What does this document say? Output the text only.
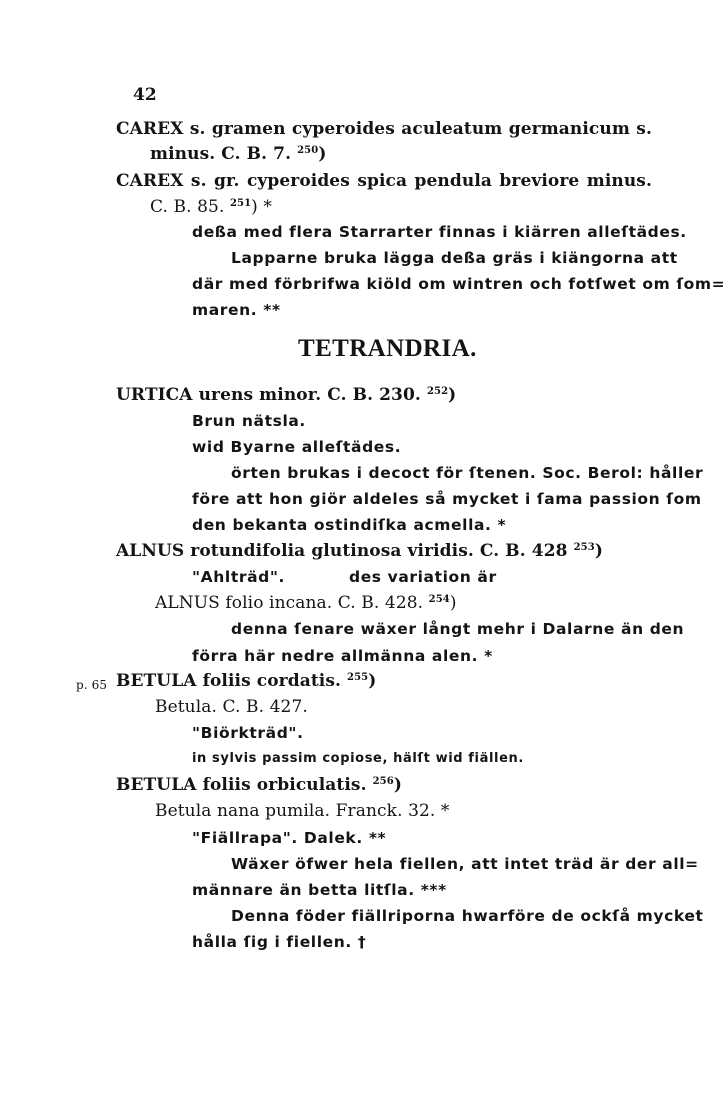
42
CAREX s. gramen cyperoides aculeatum germanicum s.
minus. C. B. 7. $^{250}$)
CAREX s. gr. cyperoides spica pendula breviore minus.
C. B. 85. $^{251}$) *
deßa med flera Starrarter finnas i kiärren alleſtädes.
Lapparne bruka lägga deßa gräs i kiängorna att
där med förbrifwa kiöld om wintren och fotſwet om ſom=
maren. **
TETRANDRIA.
URTICA urens minor. C. B. 230. $^{252}$)
Brun nätsla.
wid Byarne alleſtädes.
örten brukas i decoct för ſtenen. Soc. Berol: håller
före att hon giör aldeles så mycket i ſama passion ſom
den bekanta ostindiſka acmella. *
ALNUS rotundifolia glutinosa viridis. C. B. 428 $^{253}$)
"Ahlträd".	des variation är
ALNUS folio incana. C. B. 428. $^{254}$)
denna ſenare wäxer långt mehr i Dalarne än den
förra här nedre allmänna alen. *
p. 65 BETULA foliis cordatis. $^{255}$)
Betula. C. B. 427.
"Biörkträd".
in sylvis passim copiose, hälſt wid fiällen.
BETULA foliis orbiculatis. $^{256}$)
Betula nana pumila. Franck. 32. *
"Fiällrapa". Dalek. **
Wäxer öfwer hela fiellen, att intet träd är der all=
männare än betta litſla. ***
Denna föder fiällriporna hwarföre de ockſå mycket
hålla ſig i fiellen. †
